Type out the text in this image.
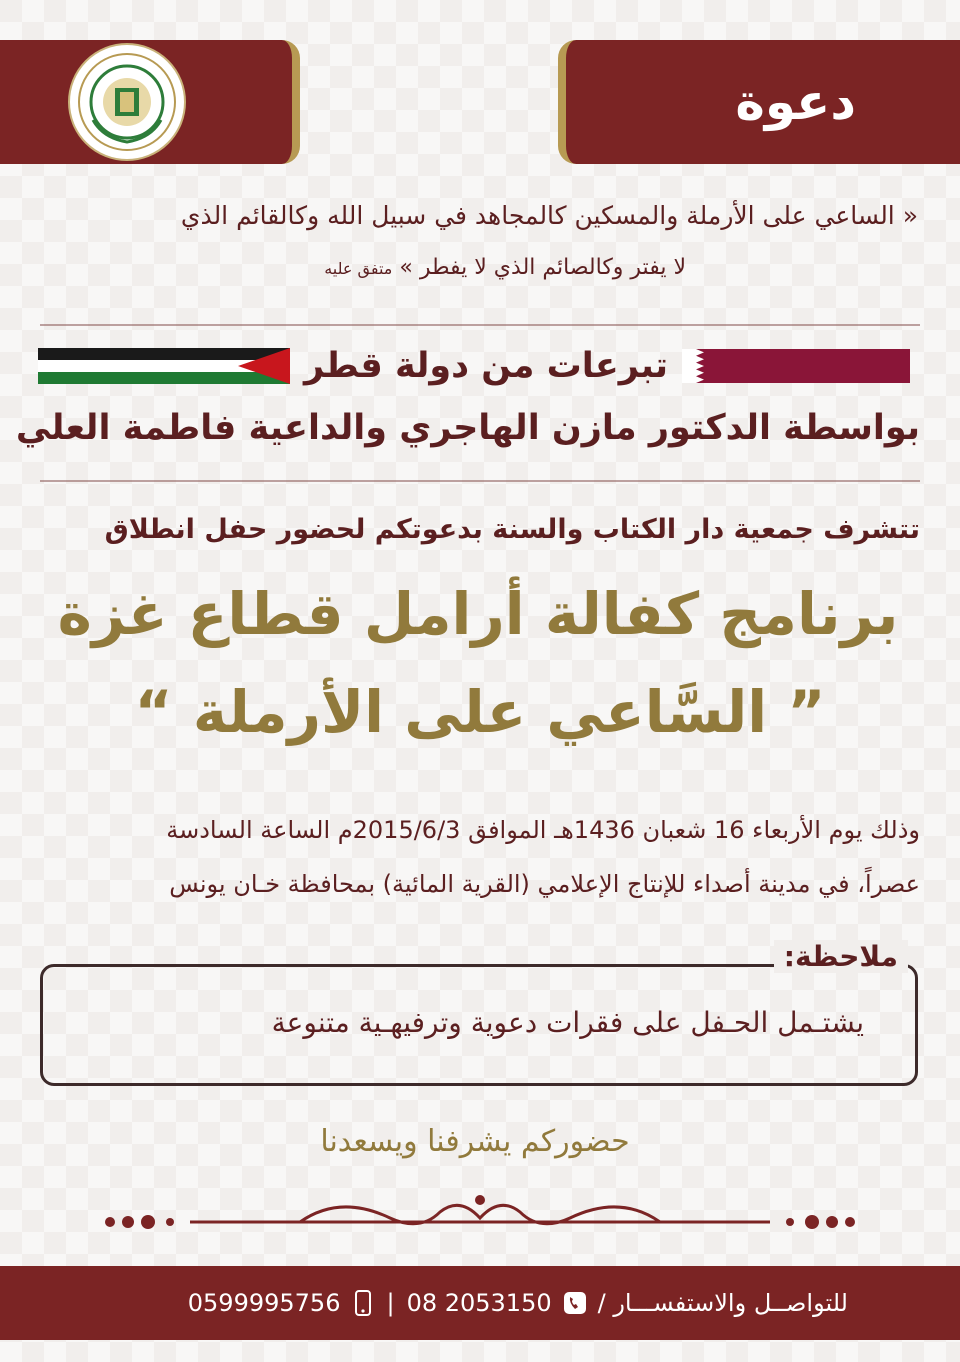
دعوة
« الساعي على الأرملة والمسكين كالمجاهد في سبيل الله وكالقائم الذي
لا يفتر وكالصائم الذي لا يفطر » متفق عليه
تبرعات من دولة قطر
بواسطة الدكتور مازن الهاجري والداعية فاطمة العلي
تتشرف جمعية دار الكتاب والسنة بدعوتكم لحضور حفل انطلاق
برنامج كفالة أرامل قطاع غزة
” السَّاعي على الأرملة “
وذلك يوم الأربعاء 16 شعبان 1436هـ الموافق 2015/6/3م الساعة السادسة
عصراً، في مدينة أصداء للإنتاج الإعلامي (القرية المائية) بمحافظة خـان يونس
ملاحظة:
يشتـمل الحـفل على فقرات دعوية وترفيهـية متنوعة
حضوركم يشرفنا ويسعدنا
للتواصــل والاستفســـار /
08 2053150
|
0599995756
